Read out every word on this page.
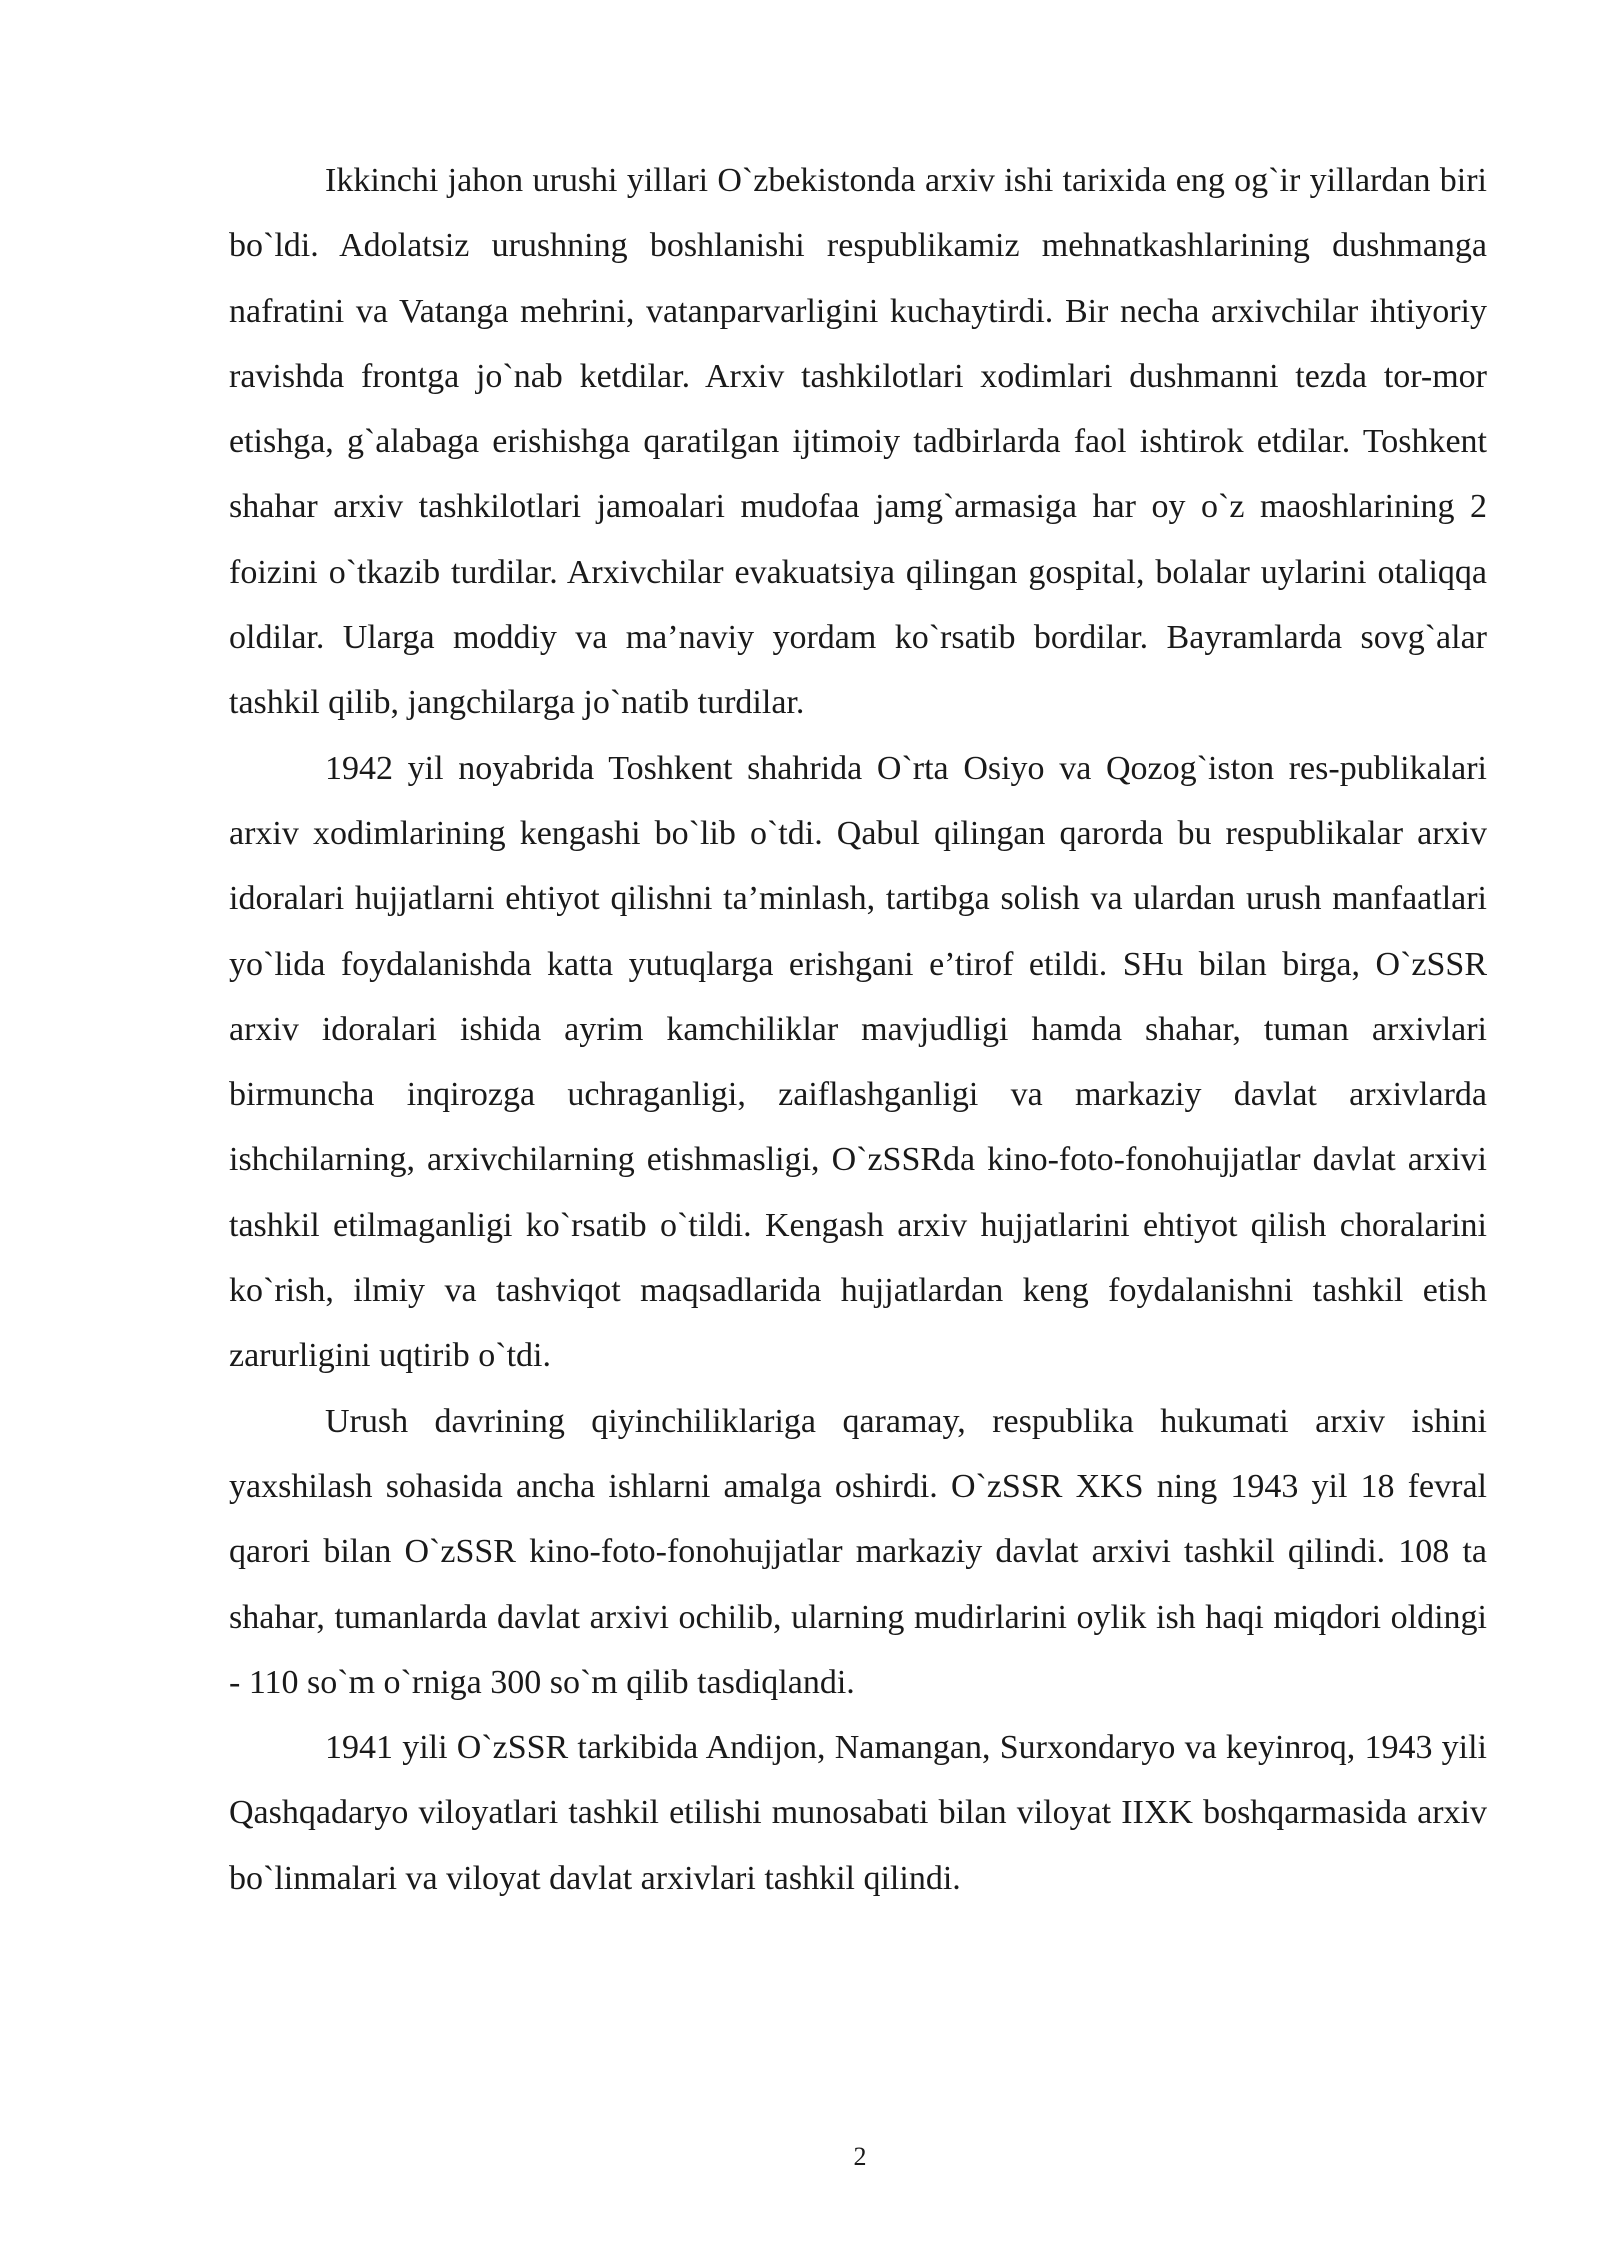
Ikkinchi jahon urushi yillari O`zbekistonda arxiv ishi tarixida eng og`ir yillardan biri bo`ldi. Adolatsiz urushning boshlanishi respublikamiz mehnatkashlarining dushmanga nafratini va Vatanga mehrini, vatanparvarligini kuchaytirdi. Bir necha arxivchilar ihtiyoriy ravishda frontga jo`nab ketdilar. Arxiv tashkilotlari xodimlari dushmanni tezda tor-mor etishga, g`alabaga erishishga qaratilgan ijtimoiy tadbirlarda faol ishtirok etdilar. Toshkent shahar arxiv tashkilotlari jamoalari mudofaa jamg`armasiga har oy o`z maoshlarining 2 foizini o`tkazib turdilar. Arxivchilar evakuatsiya qilingan gospital, bolalar uylarini otaliqqa oldilar. Ularga moddiy va ma’naviy yordam ko`rsatib bordilar. Bayramlarda sovg`alar tashkil qilib, jangchilarga jo`natib turdilar.

1942 yil noyabrida Toshkent shahrida O`rta Osiyo va Qozog`iston res-publikalari arxiv xodimlarining kengashi bo`lib o`tdi. Qabul qilingan qarorda bu respublikalar arxiv idoralari hujjatlarni ehtiyot qilishni ta’minlash, tartibga solish va ulardan urush manfaatlari yo`lida foydalanishda katta yutuqlarga erishgani e’tirof etildi. SHu bilan birga, O`zSSR arxiv idoralari ishida ayrim kamchiliklar mavjudligi hamda shahar, tuman arxivlari birmuncha inqirozga uchraganligi, zaiflashganligi va markaziy davlat arxivlarda ishchilarning, arxivchilarning etishmasligi, O`zSSRda kino-foto-fonohujjatlar davlat arxivi tashkil etilmaganligi ko`rsatib o`tildi. Kengash arxiv hujjatlarini ehtiyot qilish choralarini ko`rish, ilmiy va tashviqot maqsadlarida hujjatlardan keng foydalanishni tashkil etish zarurligini uqtirib o`tdi.

Urush davrining qiyinchiliklariga qaramay, respublika hukumati arxiv ishini yaxshilash sohasida ancha ishlarni amalga oshirdi. O`zSSR XKS ning 1943 yil 18 fevral qarori bilan O`zSSR kino-foto-fonohujjatlar markaziy davlat arxivi tashkil qilindi. 108 ta shahar, tumanlarda davlat arxivi ochilib, ularning mudirlarini oylik ish haqi miqdori oldingi - 110 so`m o`rniga 300 so`m qilib tasdiqlandi.

1941 yili O`zSSR tarkibida Andijon, Namangan, Surxondaryo va keyinroq, 1943 yili Qashqadaryo viloyatlari tashkil etilishi munosabati bilan viloyat IIXK boshqarmasida arxiv bo`linmalari va viloyat davlat arxivlari tashkil qilindi.

2
